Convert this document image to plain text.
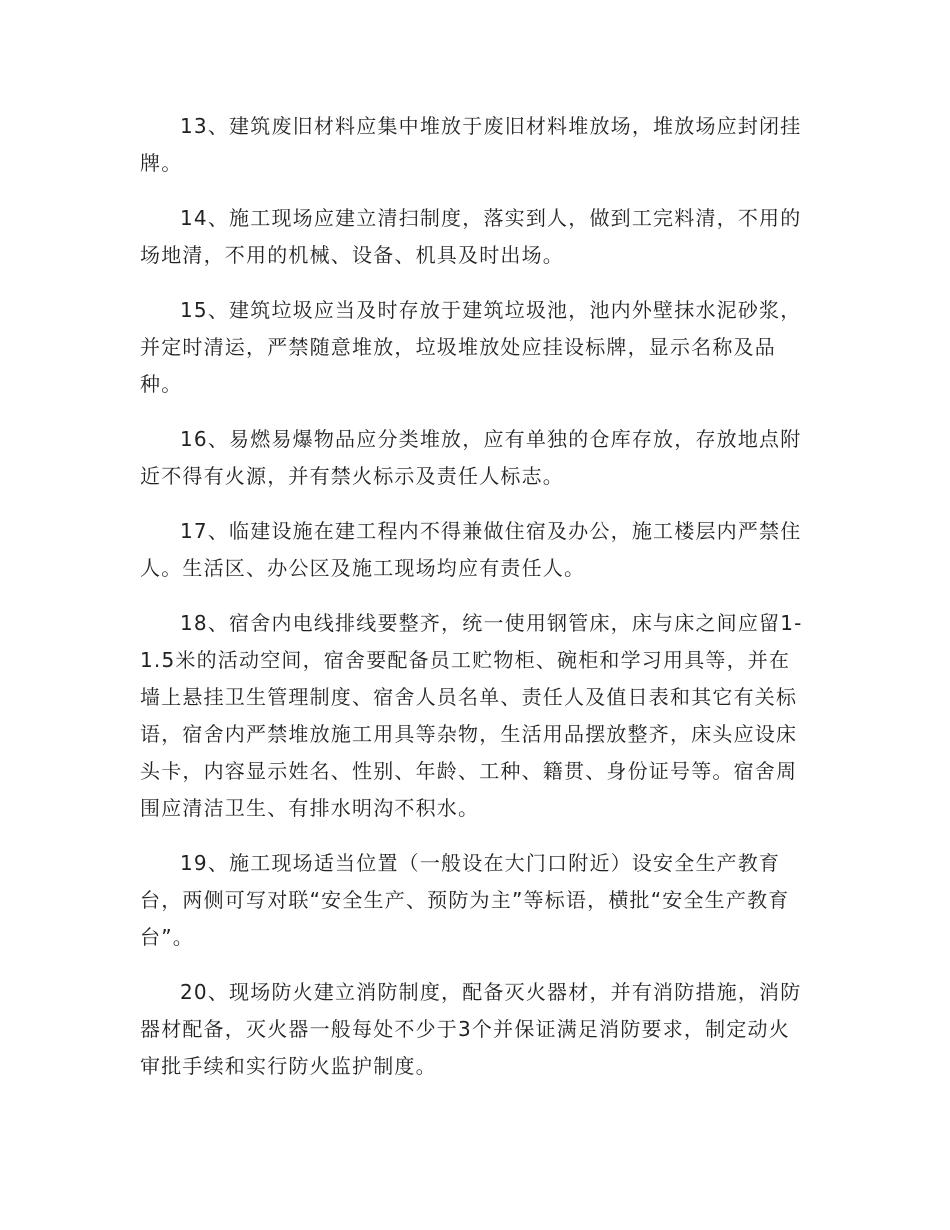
13、建筑废旧材料应集中堆放于废旧材料堆放场，堆放场应封闭挂牌。

14、施工现场应建立清扫制度，落实到人，做到工完料清，不用的场地清，不用的机械、设备、机具及时出场。

15、建筑垃圾应当及时存放于建筑垃圾池，池内外壁抹水泥砂浆，并定时清运，严禁随意堆放，垃圾堆放处应挂设标牌，显示名称及品种。

16、易燃易爆物品应分类堆放，应有单独的仓库存放，存放地点附近不得有火源，并有禁火标示及责任人标志。

17、临建设施在建工程内不得兼做住宿及办公，施工楼层内严禁住人。生活区、办公区及施工现场均应有责任人。

18、宿舍内电线排线要整齐，统一使用钢管床，床与床之间应留1-1.5米的活动空间，宿舍要配备员工贮物柜、碗柜和学习用具等，并在墙上悬挂卫生管理制度、宿舍人员名单、责任人及值日表和其它有关标语，宿舍内严禁堆放施工用具等杂物，生活用品摆放整齐，床头应设床头卡，内容显示姓名、性别、年龄、工种、籍贯、身份证号等。宿舍周围应清洁卫生、有排水明沟不积水。

19、施工现场适当位置（一般设在大门口附近）设安全生产教育台，两侧可写对联“安全生产、预防为主”等标语，横批“安全生产教育台”。

20、现场防火建立消防制度，配备灭火器材，并有消防措施，消防器材配备，灭火器一般每处不少于3个并保证满足消防要求，制定动火审批手续和实行防火监护制度。
